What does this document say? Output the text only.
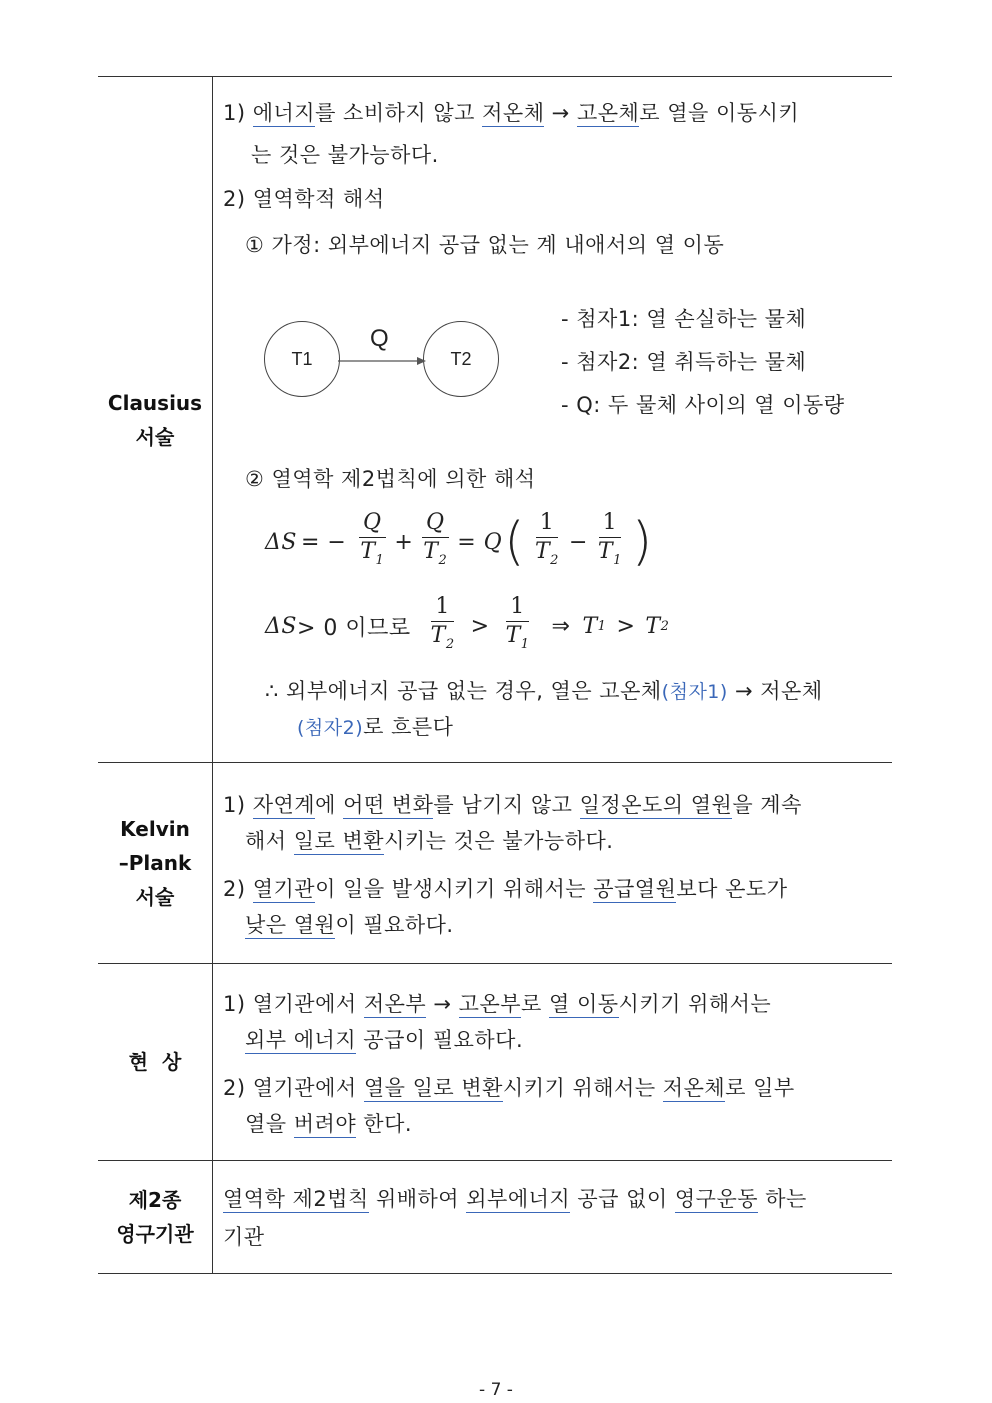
Clausius
서술
1) 에너지를 소비하지 않고 저온체 → 고온체로 열을 이동시키
는 것은 불가능하다.
2) 열역학적 해석
① 가정: 외부에너지 공급 없는 계 내애서의 열 이동
T1	T2
Q
- 첨자1: 열 손실하는 물체
- 첨자2: 열 취득하는 물체
- Q: 두 물체 사이의 열 이동량
② 열역학 제2법칙에 의한 해석
ΔS = − $\frac{Q}{T_1} + \frac{Q}{T_2} = Q$ ( $\frac{1}{T_2} - \frac{1}{T_1}$ )
ΔS > 0 이므로 $\frac{1}{T_2} > \frac{1}{T_1}$ ⇒ T 1 > T 2
∴ 외부에너지 공급 없는 경우, 열은 고온체(첨자1) → 저온체
(첨자2)로 흐른다
Kelvin
–Plank
서술
1) 자연계에 어떤 변화를 남기지 않고 일정온도의 열원을 계속
해서 일로 변환시키는 것은 불가능하다.
2) 열기관이 일을 발생시키기 위해서는 공급열원보다 온도가
낮은 열원이 필요하다.
현  상
1) 열기관에서 저온부 → 고온부로 열 이동시키기 위해서는
외부 에너지 공급이 필요하다.
2) 열기관에서 열을 일로 변환시키기 위해서는 저온체로 일부
열을 버려야 한다.
제2종
영구기관
열역학 제2법칙 위배하여 외부에너지 공급 없이 영구운동 하는
기관
- 7 -
